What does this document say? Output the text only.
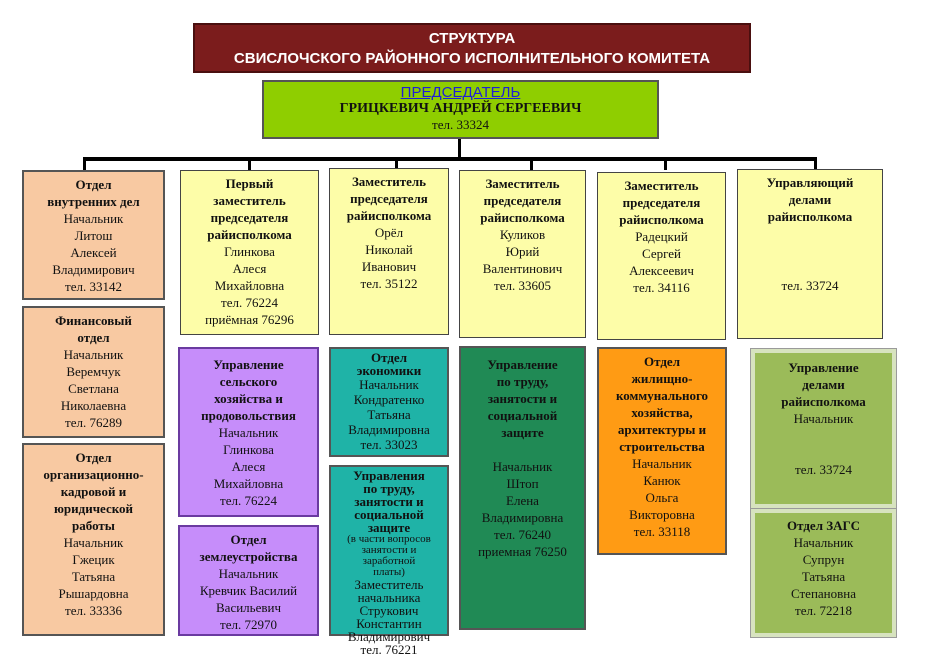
СТРУКТУРА
СВИСЛОЧСКОГО РАЙОННОГО ИСПОЛНИТЕЛЬНОГО КОМИТЕТА
ПРЕДСЕДАТЕЛЬ
ГРИЦКЕВИЧ АНДРЕЙ СЕРГЕЕВИЧ
тел. 33324
Отдел
внутренних дел
Начальник
Литош
Алексей
Владимирович
тел. 33142
Финансовый
отдел
Начальник
Веремчук
Светлана
Николаевна
тел. 76289
Отдел
организационно-
кадровой и
юридической
работы
Начальник
Гжецик
Татьяна
Рышардовна
тел. 33336
Первый
заместитель
председателя
райисполкома
Глинкова
Алеся
Михайловна
тел. 76224
приёмная 76296
Управление
сельского
хозяйства и
продовольствия
Начальник
Глинкова
Алеся
Михайловна
тел. 76224
Отдел
землеустройства
Начальник
Кревчик Василий
Васильевич
тел. 72970
Заместитель
председателя
райисполкома
Орёл
Николай
Иванович
тел. 35122
Отдел
экономики
Начальник
Кондратенко
Татьяна
Владимировна
тел. 33023
Управления
по труду,
занятости и
социальной
защите
(в части вопросов
занятости и
заработной
платы)
Заместитель
начальника
Струкович
Константин
Владимирович
тел. 76221
Заместитель
председателя
райисполкома
Куликов
Юрий
Валентинович
тел. 33605
Управление
по труду,
занятости и
социальной
защите
Начальник
Штоп
Елена
Владимировна
тел. 76240
приемная 76250
Заместитель
председателя
райисполкома
Радецкий
Сергей
Алексеевич
тел. 34116
Отдел
жилищно-
коммунального
хозяйства,
архитектуры и
строительства
Начальник
Канюк
Ольга
Викторовна
тел. 33118
Управляющий
делами
райисполкома
тел. 33724
Управление
делами
райисполкома
Начальник
тел. 33724
Отдел ЗАГС
Начальник
Супрун
Татьяна
Степановна
тел. 72218
